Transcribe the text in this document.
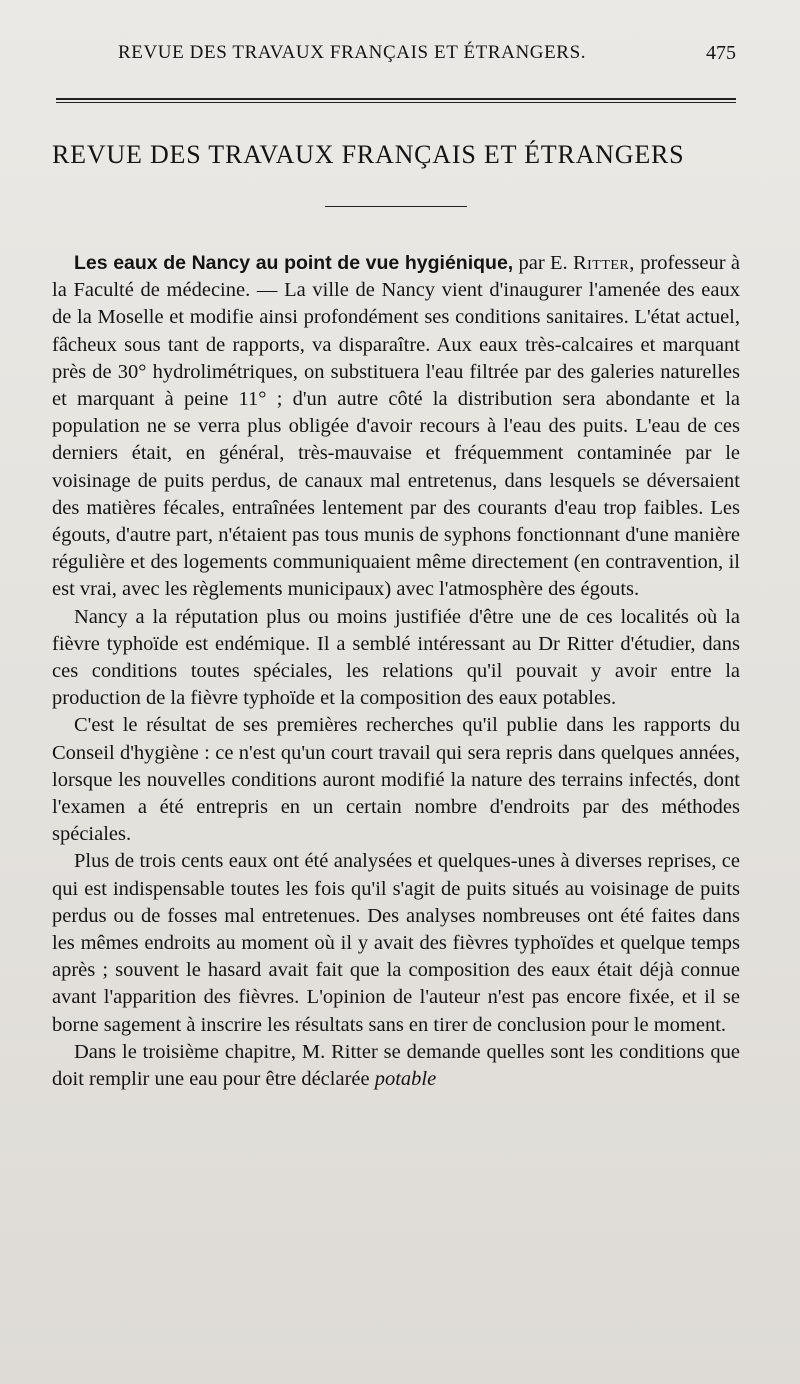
REVUE DES TRAVAUX FRANÇAIS ET ÉTRANGERS.	475
REVUE DES TRAVAUX FRANÇAIS ET ÉTRANGERS

Les eaux de Nancy au point de vue hygiénique, par E. Ritter, professeur à la Faculté de médecine. — La ville de Nancy vient d'inaugurer l'amenée des eaux de la Moselle et modifie ainsi profondément ses conditions sanitaires. L'état actuel, fâcheux sous tant de rapports, va disparaître. Aux eaux très-calcaires et marquant près de 30° hydrolimétriques, on substituera l'eau filtrée par des galeries naturelles et marquant à peine 11° ; d'un autre côté la distribution sera abondante et la population ne se verra plus obligée d'avoir recours à l'eau des puits. L'eau de ces derniers était, en général, très-mauvaise et fréquemment contaminée par le voisinage de puits perdus, de canaux mal entretenus, dans lesquels se déversaient des matières fécales, entraînées lentement par des courants d'eau trop faibles. Les égouts, d'autre part, n'étaient pas tous munis de syphons fonctionnant d'une manière régulière et des logements communiquaient même directement (en contravention, il est vrai, avec les règlements municipaux) avec l'atmosphère des égouts.

Nancy a la réputation plus ou moins justifiée d'être une de ces localités où la fièvre typhoïde est endémique. Il a semblé intéressant au Dr Ritter d'étudier, dans ces conditions toutes spéciales, les relations qu'il pouvait y avoir entre la production de la fièvre typhoïde et la composition des eaux potables.

C'est le résultat de ses premières recherches qu'il publie dans les rapports du Conseil d'hygiène : ce n'est qu'un court travail qui sera repris dans quelques années, lorsque les nouvelles conditions auront modifié la nature des terrains infectés, dont l'examen a été entrepris en un certain nombre d'endroits par des méthodes spéciales.

Plus de trois cents eaux ont été analysées et quelques-unes à diverses reprises, ce qui est indispensable toutes les fois qu'il s'agit de puits situés au voisinage de puits perdus ou de fosses mal entretenues. Des analyses nombreuses ont été faites dans les mêmes endroits au moment où il y avait des fièvres typhoïdes et quelque temps après ; souvent le hasard avait fait que la composition des eaux était déjà connue avant l'apparition des fièvres. L'opinion de l'auteur n'est pas encore fixée, et il se borne sagement à inscrire les résultats sans en tirer de conclusion pour le moment.

Dans le troisième chapitre, M. Ritter se demande quelles sont les conditions que doit remplir une eau pour être déclarée potable
